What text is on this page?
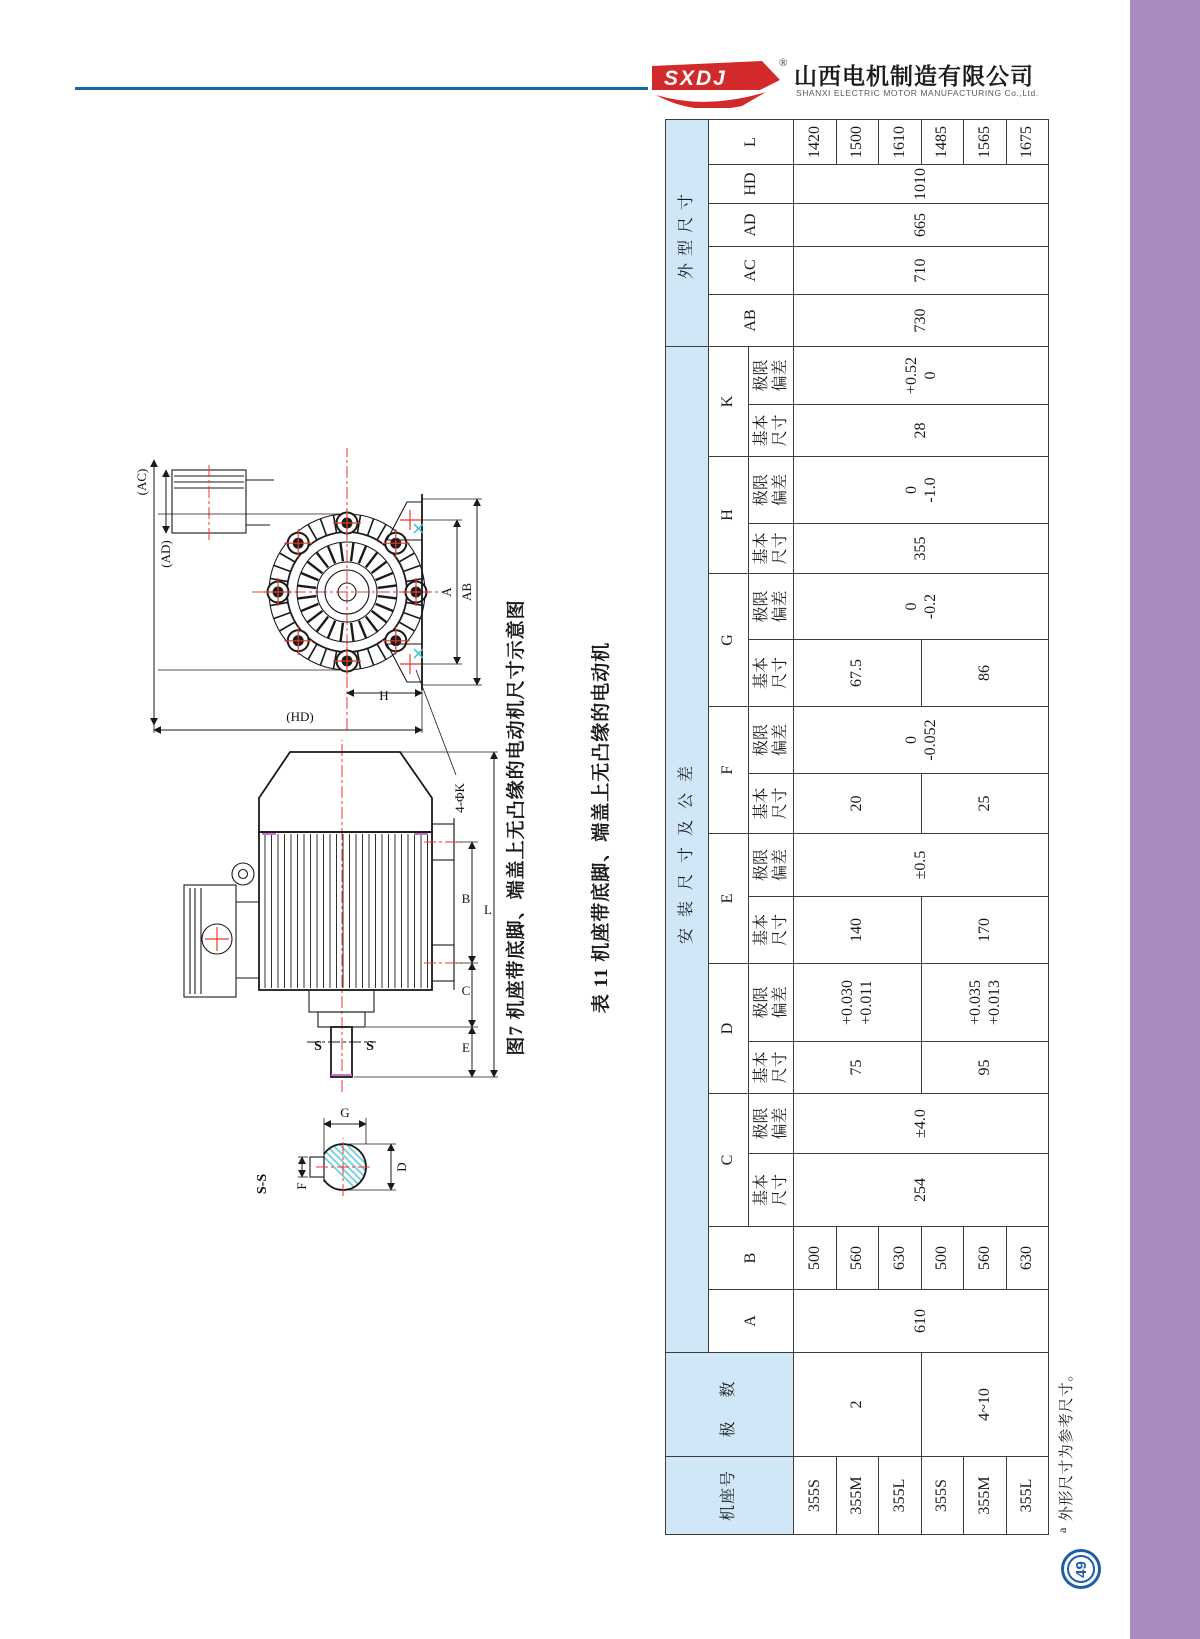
SXDJ
® 山西电机制造有限公司
SHANXI ELECTRIC MOTOR MANUFACTURING Co.,Ltd.
S-S F
G
D
S	S	E
C
B
L
(AC)
(AD)
(HD)
H
A AB
4-ΦK 图7 机座带底脚、端盖上无凸缘的电动机尺寸示意图	表 11 机座带底脚、端盖上无凸缘的电动机
机座号	极 数	安装尺寸及公差																外型尺寸				
		A	B	C		D		E		F		G		H		K		AB	AC	AD	HD	L

				基本 尺寸	极限 偏差	基本 尺寸	极限 偏差	基本 尺寸	极限 偏差	基本 尺寸	极限 偏差	基本 尺寸	极限 偏差	基本 尺寸	极限 偏差	基本 尺寸	极限 偏差					

355S	2	610	500	254	±4.0	75	+0.030 +0.011	140	±0.5	20	0 -0.052	67.5	0 -0.2	355	0 -1.0	28	+0.52 0	730	710	665	1010	1420
355M			560																			1500
355L			630																			1610
355S	4~10		500			95	+0.035 +0.013	170		25		86										1485
355M			560																			1565
355L			630																			1675
$^a$外形尺寸为参考尺寸。
49
